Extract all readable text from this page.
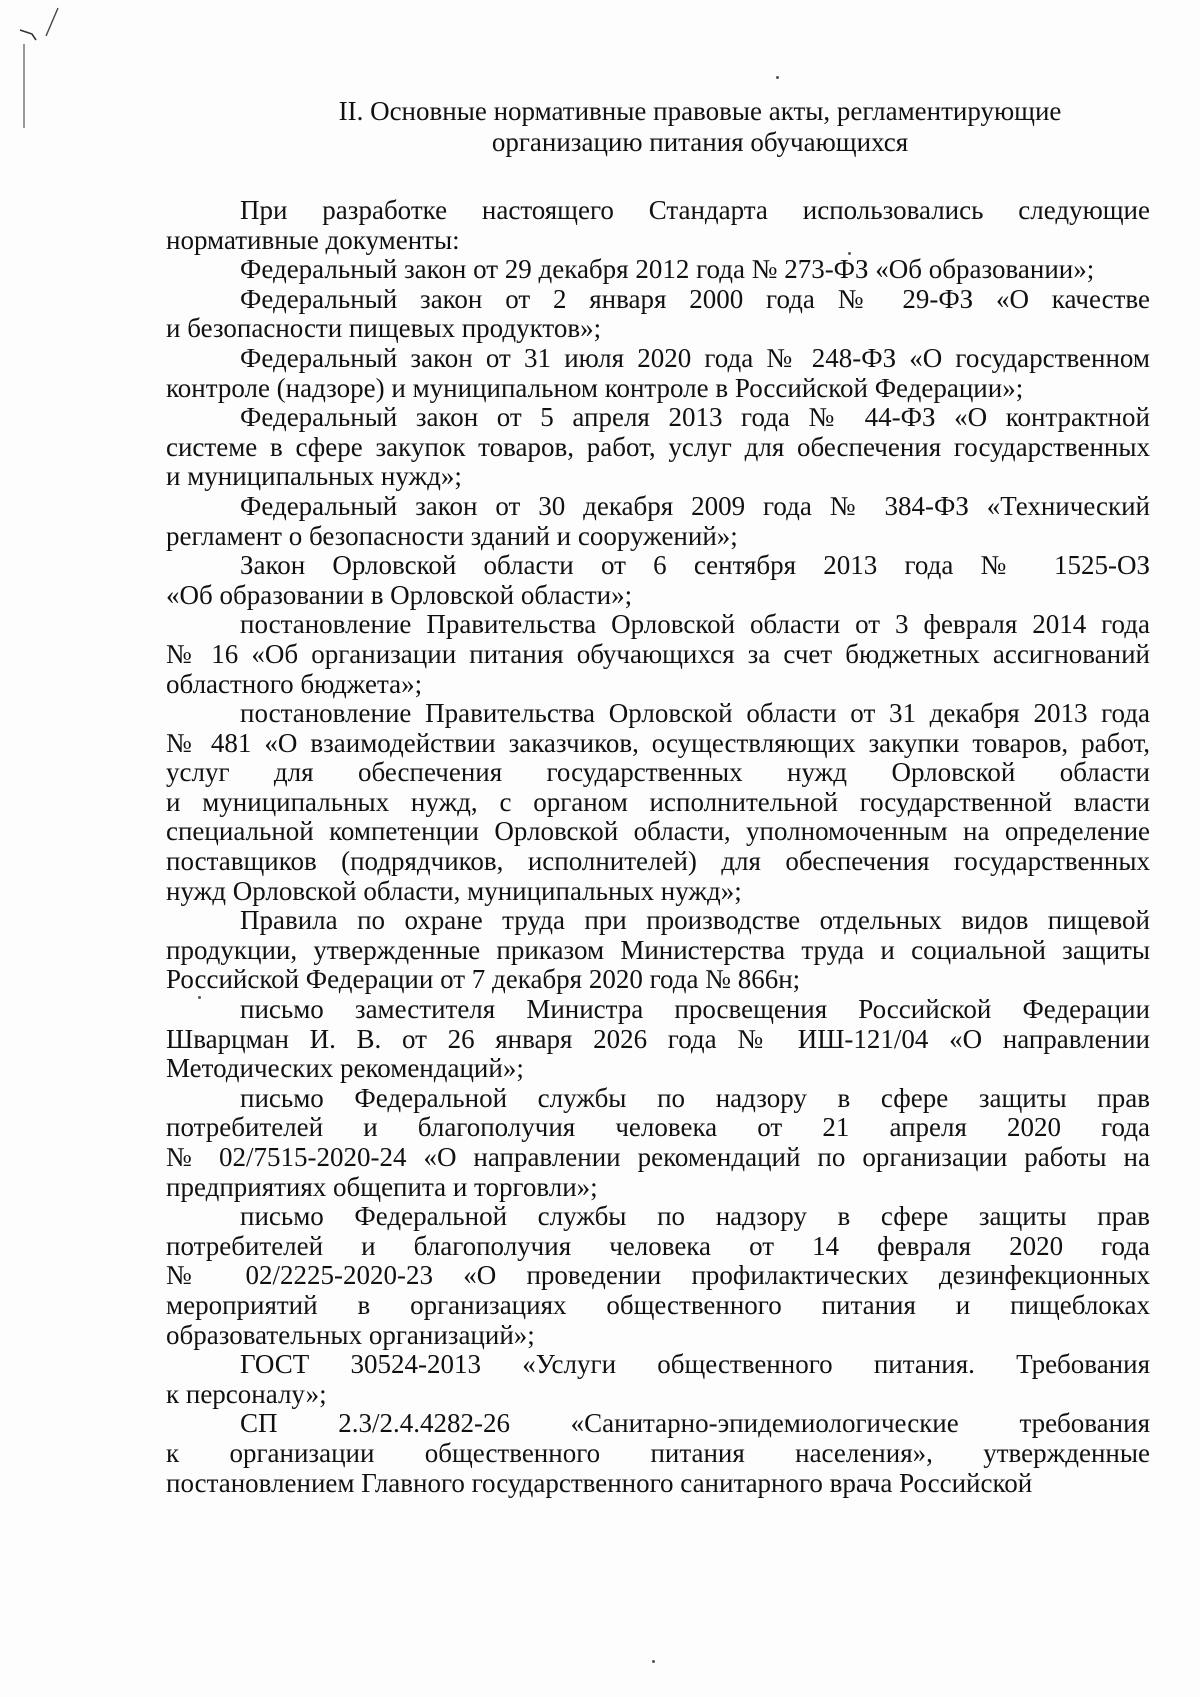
II. Основные нормативные правовые акты, регламентирующие
организацию питания обучающихся
При разработке настоящего Стандарта использовались следующие
нормативные документы:
Федеральный закон от 29 декабря 2012 года № 273-ФЗ «Об образовании»;
Федеральный закон от 2 января 2000 года № 29-ФЗ «О качестве
и безопасности пищевых продуктов»;
Федеральный закон от 31 июля 2020 года № 248-ФЗ «О государственном
контроле (надзоре) и муниципальном контроле в Российской Федерации»;
Федеральный закон от 5 апреля 2013 года № 44-ФЗ «О контрактной
системе в сфере закупок товаров, работ, услуг для обеспечения государственных
и муниципальных нужд»;
Федеральный закон от 30 декабря 2009 года № 384-ФЗ «Технический
регламент о безопасности зданий и сооружений»;
Закон Орловской области от 6 сентября 2013 года № 1525-ОЗ
«Об образовании в Орловской области»;
постановление Правительства Орловской области от 3 февраля 2014 года
№ 16 «Об организации питания обучающихся за счет бюджетных ассигнований
областного бюджета»;
постановление Правительства Орловской области от 31 декабря 2013 года
№ 481 «О взаимодействии заказчиков, осуществляющих закупки товаров, работ,
услуг для обеспечения государственных нужд Орловской области
и муниципальных нужд, с органом исполнительной государственной власти
специальной компетенции Орловской области, уполномоченным на определение
поставщиков (подрядчиков, исполнителей) для обеспечения государственных
нужд Орловской области, муниципальных нужд»;
Правила по охране труда при производстве отдельных видов пищевой
продукции, утвержденные приказом Министерства труда и социальной защиты
Российской Федерации от 7 декабря 2020 года № 866н;
письмо заместителя Министра просвещения Российской Федерации
Шварцман И. В. от 26 января 2026 года № ИШ-121/04 «О направлении
Методических рекомендаций»;
письмо Федеральной службы по надзору в сфере защиты прав
потребителей и благополучия человека от 21 апреля 2020 года
№ 02/7515-2020-24 «О направлении рекомендаций по организации работы на
предприятиях общепита и торговли»;
письмо Федеральной службы по надзору в сфере защиты прав
потребителей и благополучия человека от 14 февраля 2020 года
№ 02/2225-2020-23 «О проведении профилактических дезинфекционных
мероприятий в организациях общественного питания и пищеблоках
образовательных организаций»;
ГОСТ 30524-2013 «Услуги общественного питания. Требования
к персоналу»;
СП 2.3/2.4.4282-26 «Санитарно-эпидемиологические требования
к организации общественного питания населения», утвержденные
постановлением Главного государственного санитарного врача Российской
